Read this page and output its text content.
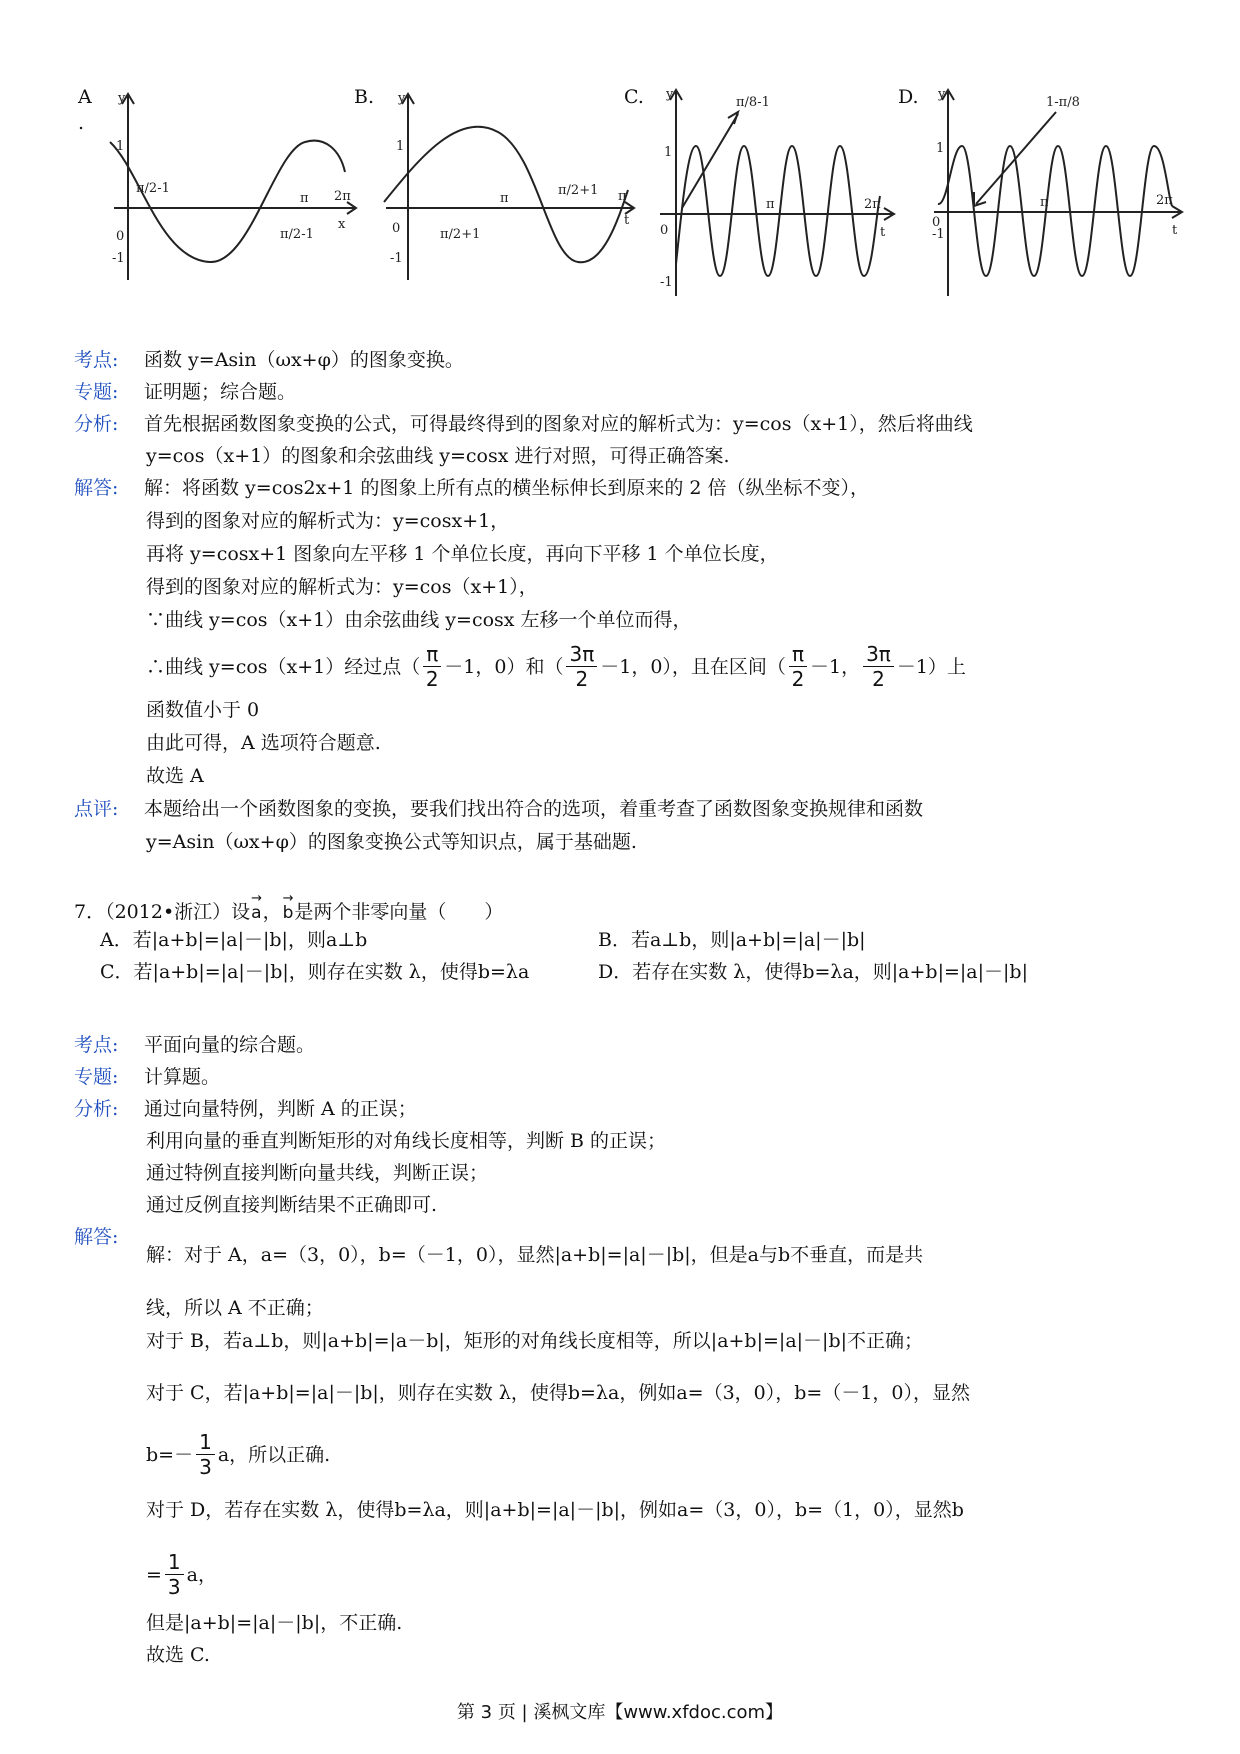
A
.
B.	C.	D.
y
1
0
-1
x
π
π/2-1
π/2-1
2π
y
1
0
-1
t
π
π/2+1
π/2+1 π
y
1
0
-1
t
π
π/8-1
2π
y
1
0
-1	t
π
1-π/8
2π
考点:	函数 y=Asin（ωx+φ）的图象变换。
专题:	证明题；综合题。
分析:	首先根据函数图象变换的公式，可得最终得到的图象对应的解析式为：y=cos（x+1），然后将曲线
y=cos（x+1）的图象和余弦曲线 y=cosx 进行对照，可得正确答案.
解答:	解：将函数 y=cos2x+1 的图象上所有点的横坐标伸长到原来的 2 倍（纵坐标不变），
得到的图象对应的解析式为：y=cosx+1，
再将 y=cosx+1 图象向左平移 1 个单位长度，再向下平移 1 个单位长度，
得到的图象对应的解析式为：y=cos（x+1），
∵曲线 y=cos（x+1）由余弦曲线 y=cosx 左移一个单位而得，
∴曲线 y=cos（x+1）经过点（ $\frac{\pi}{2} -1$，0）和（ $\frac{3\pi}{2} -1$，0），且在区间（ $\frac{\pi}{2} -1$， $\frac{3\pi}{2} -1$）上
函数值小于 0
由此可得，A 选项符合题意.
故选 A
点评:	本题给出一个函数图象的变换，要我们找出符合的选项，着重考查了函数图象变换规律和函数
y=Asin（ωx+φ）的图象变换公式等知识点，属于基础题.
7．（2012•浙江）设→ a，→ b是两个非零向量（　　）
A．若|a+b|=|a|－|b|，则a⊥b	B．若a⊥b，则|a+b|=|a|－|b|
C．若|a+b|=|a|－|b|，则存在实数 λ，使得b=λa	D．若存在实数 λ，使得b=λa，则|a+b|=|a|－|b|
考点:	平面向量的综合题。
专题:	计算题。
分析:	通过向量特例，判断 A 的正误；
利用向量的垂直判断矩形的对角线长度相等，判断 B 的正误；
通过特例直接判断向量共线，判断正误；
通过反例直接判断结果不正确即可.
解答:
解：对于 A，a=（3，0），b=（－1，0），显然|a+b|=|a|－|b|，但是a与b不垂直，而是共
线，所以 A 不正确；
对于 B，若a⊥b，则|a+b|=|a－b|，矩形的对角线长度相等，所以|a+b|=|a|－|b|不正确；
对于 C，若|a+b|=|a|－|b|，则存在实数 λ，使得b=λa，例如a=（3，0），b=（－1，0），显然
$b=- \frac{1}{3}$ a，所以正确.
对于 D，若存在实数 λ，使得b=λa，则|a+b|=|a|－|b|，例如a=（3，0），b=（1，0），显然b
= $\frac{1}{3}$ a，
但是|a+b|=|a|－|b|，不正确.
故选 C.
第 3 页 | 溪枫文库【www.xfdoc.com】
